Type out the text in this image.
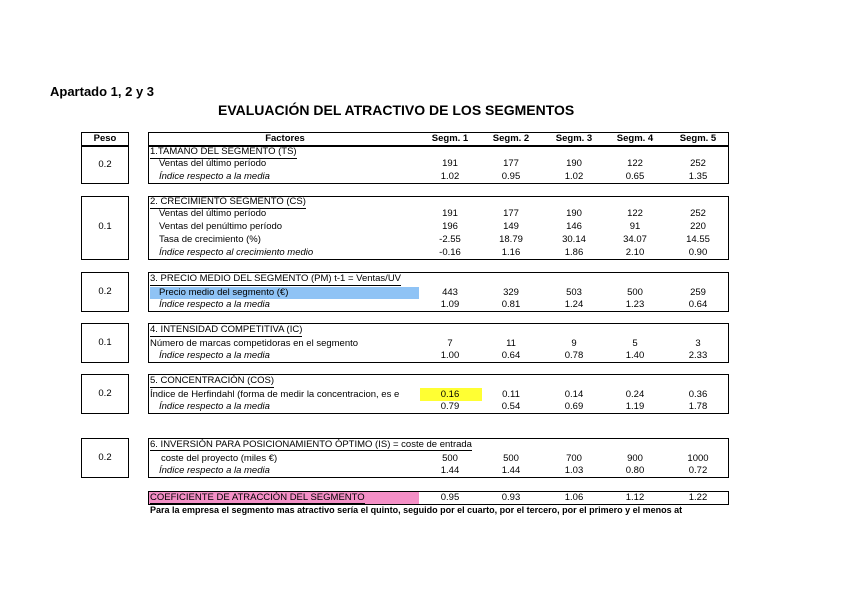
Apartado 1, 2 y 3
EVALUACIÓN DEL ATRACTIVO DE LOS SEGMENTOS
Peso	Factores	Segm. 1	Segm. 2	Segm. 3	Segm. 4	Segm. 5
0.2
1.TAMAÑO DEL SEGMENTO (TS)
Ventas del último período	191	177	190	122	252
Índice respecto a la media	1.02	0.95	1.02	0.65	1.35
0.1
2. CRECIMIENTO SEGMENTO (CS)
Ventas del último período	191	177	190	122	252
Ventas del penúltimo período	196	149	146	91	220
Tasa de crecimiento (%)	-2.55	18.79	30.14	34.07	14.55
Índice respecto al crecimiento medio	-0.16	1.16	1.86	2.10	0.90
0.2
3. PRECIO MEDIO DEL SEGMENTO (PM) t-1 = Ventas/UV
Precio medio del segmento (€)	443	329	503	500	259
Índice respecto a la media	1.09	0.81	1.24	1.23	0.64
0.1
4. INTENSIDAD COMPETITIVA (IC)
Número de marcas competidoras en el segmento	7	11	9	5	3
Índice respecto a la media	1.00	0.64	0.78	1.40	2.33
0.2
5. CONCENTRACIÓN (COS)
Índice de Herfindahl (forma de medir la concentracion, es e	0.16	0.11	0.14	0.24	0.36
Índice respecto a la media	0.79	0.54	0.69	1.19	1.78
0.2
6. INVERSIÓN PARA POSICIONAMIENTO ÓPTIMO (IS) = coste de entrada
coste del proyecto (miles €)	500	500	700	900	1000
Índice respecto a la media	1.44	1.44	1.03	0.80	0.72
COEFICIENTE DE ATRACCIÓN DEL SEGMENTO	0.95	0.93	1.06	1.12	1.22
Para la empresa el segmento mas atractivo sería el quinto, seguido por el cuarto, por el tercero, por el primero y el menos at
